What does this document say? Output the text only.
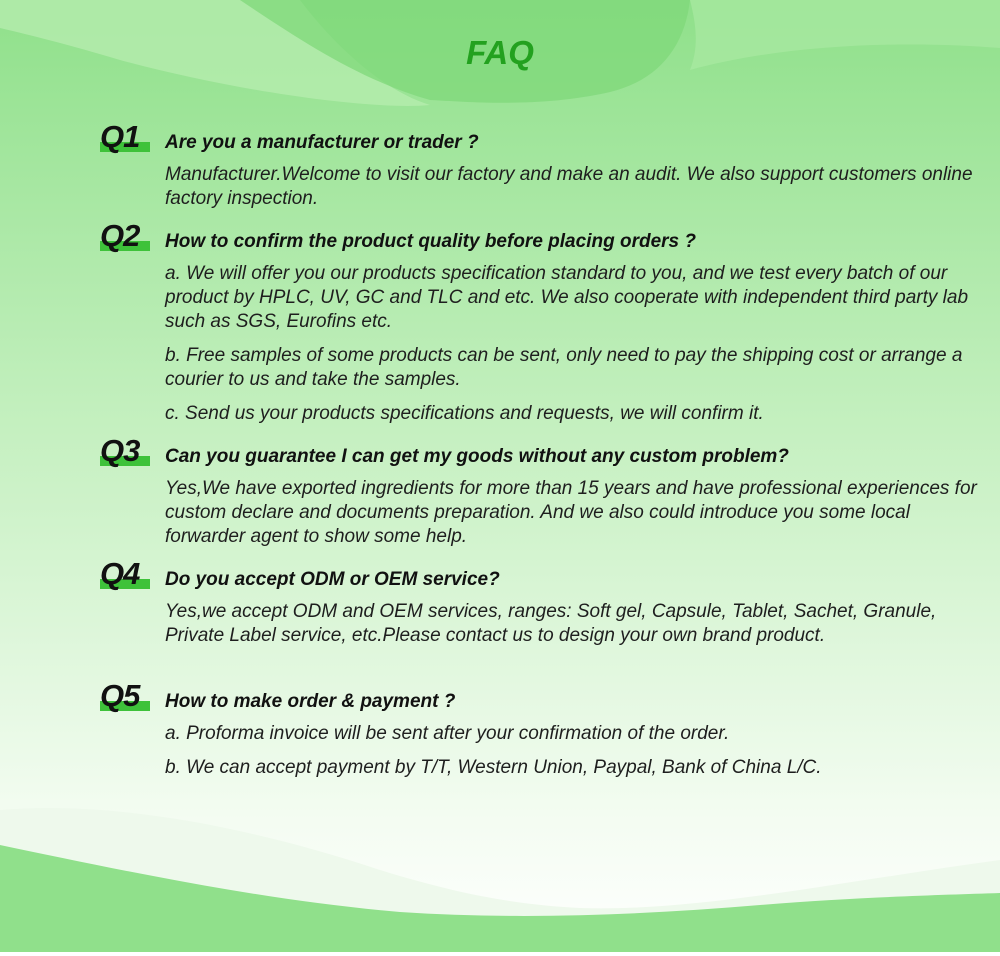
FAQ
Q1 Are you a manufacturer or trader ?

Manufacturer.Welcome to visit our factory and make an audit. We also support customers online factory inspection.

Q2 How to confirm the product quality before placing orders ?

a. We will offer you our products specification standard to you, and we test every batch of our product by HPLC, UV, GC and TLC and etc. We also cooperate with independent third party lab such as SGS, Eurofins etc.

b. Free samples of some products can be sent, only need to pay the shipping cost or arrange a courier to us and take the samples.

c. Send us your products specifications and requests, we will confirm it.

Q3 Can you guarantee I can get my goods without any custom problem?

Yes,We have exported ingredients for more than 15 years and have professional experiences for custom declare and documents preparation. And we also could introduce you some local forwarder agent to show some help.

Q4 Do you accept ODM or OEM service?

Yes,we accept ODM and OEM services, ranges: Soft gel, Capsule, Tablet, Sachet, Granule, Private Label service, etc.Please contact us to design your own brand product.

Q5 How to make order & payment ?

a. Proforma invoice will be sent after your confirmation of the order.

b. We can accept payment by T/T, Western Union, Paypal, Bank of China L/C.
